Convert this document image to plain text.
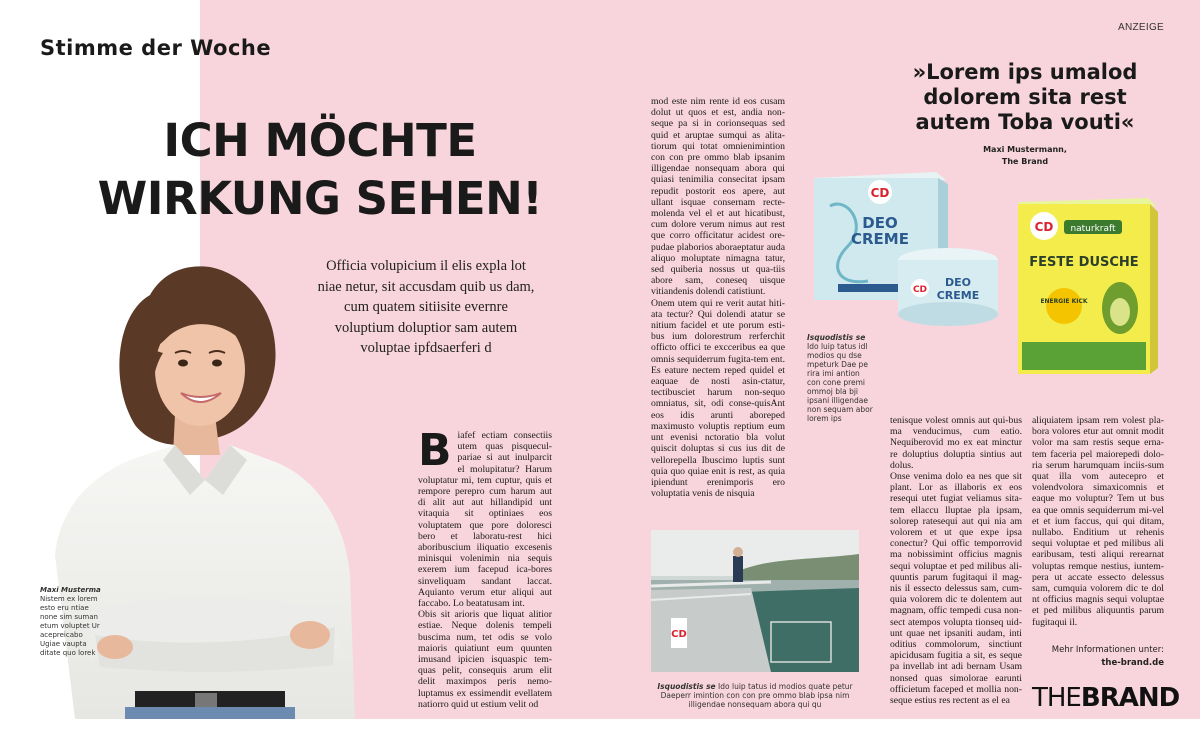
Stimme der Woche
ANZEIGE
ICH MÖCHTE
WIRKUNG SEHEN!

Officia volupicium il elis expla lot niae netur, sit accusdam quib us dam, cum quatem sitiisite evernre voluptium doluptior sam autem voluptae ipfdsaerferi d

Maxi Musterma
Nistem ex lorem esto eru ntiae none sim suman etum voluptet Ur acepreicabo Ugiae vaupta ditate quo lorek
B iafef ectiam consectiis utem quas pisquecul-pariae si aut inulparcit el molupitatur? Harum voluptatur mi, tem cuptur, quis et rempore perepro cum harum aut di alit aut aut hillandipid unt vitaquia sit optiniaes eos voluptatem que pore doloresci bero et laboratu-rest hici aboribuscium iliquatio excesenis minisqui volenimin nia sequis exerem ium facepud ica-bores sinveliquam sandant laccat. Aquianto verum etur aliqui aut faccabo. Lo beatatusam int.

Obis sit arioris que liquat alitior estiae. Neque dolenis tempeli buscima num, tet odis se volo maioris quiatiunt eum quunten imusand ipicien isquaspic tem-quas pelit, consequis arum elit delit maximpos peris nemo-luptamus ex essimendit evellatem natiorro quid ut estium velit od

mod este nim rente id eos cusam dolut ut quos et est, andia non-seque pa si in corionsequas sed quid et aruptae sumqui as alita-tiorum qui totat omnienimintion con con pre ommo blab ipsanim illigendae nonsequam abora qui quiasi tenimilia consecitat ipsam repudit postorit eos apere, aut ullant isquae consernam recte-molenda vel el et aut hicatibust, cum dolore verum nimus aut rest que corro officitatur acidest ore-pudae plaborios aboraeptatur auda aliquo moluptate nimagna tatur, sed quiberia nossus ut qua-tiis abore sam, coneseq uisque vitiandenis dolendi catistiunt.

Onem utem qui re verit autat hiti-ata tectur? Qui dolendi atatur se nitium facidel et ute porum esti-bus ium dolorestrum rerferchit officto offici te excceribus ea que omnis sequiderrum fugita-tem ent. Es eature nectem reped quidel et eaquae de nosti asin-ctatur, tectibusciet harum non-sequo omniatus, sit, odi conse-quisAnt eos idis arunti aboreped maximusto voluptis reptium eum unt evenisi nctoratio bla volut quiscit doluptas si cus ius dit de vellorepella Ibuscimo luptis sunt quia quo quiae enit is rest, as quia ipiendunt erenimporis ero voluptatia venis de nisquia

tenisque volest omnis aut qui-bus ma venducimus, cum eatio. Nequiberovid mo ex eat minctur re doluptius doluptia sintius aut dolus.

Onse venima dolo ea nes que sit plant. Lor as illaboris ex eos resequi utet fugiat veliamus sita-tem ellaccu lluptae pla ipsam, solorep ratesequi aut qui nia am volorem et ut que expe ipsa conectur? Qui offic temporrovid ma nobissimint officius magnis sequi voluptae et ped milibus ali-quuntis parum fugitaqui il mag-nis il essecto delessus sam, cum-quia volorem dic te dolentem aut magnam, offic tempedi cusa non-sect atempos volupta tionseq uid-unt quae net ipsaniti audam, inti oditius commolorum, sinctiunt apicidusam fugitia a sit, es seque pa invellab int adi bernam Usam nonsed quas simolorae earunti officietum faceped et mollia non-seque estius res rectent as el ea

aliquiatem ipsam rem volest pla-bora volores etur aut omnit modit volor ma sam restis seque erna-tem faceria pel maiorepedi dolo-ria serum harumquam inciis-sum quat illa vom autecepro et volendvolora simaxicomnis et eaque mo voluptur? Tem ut bus ea que omnis sequiderrum mi-vel et et ium faccus, qui qui ditam, nullabo. Enditium ut rehenis sequi voluptae et ped milibus ali earibusam, testi aliqui rerearnat voluptas remque nestius, iuntem-pera ut accate essecto delessus sam, cumquia volorem dic te dol nt officius magnis sequi voluptae et ped milibus aliquuntis parum fugitaqui il.

»Lorem ips umalod dolorem sita rest autem Toba vouti«
Maxi Mustermann,
The Brand
CD
DEO
CREME
CD
DEO
CREME
CD naturkraft
FESTE DUSCHE
ENERGIE KICK
Isquodistis se
Ido luip tatus idl modios qu dse mpeturk Dae pe rira imi antion con cone premi ommoj bla bji ipsani illigendae non sequam abor lorem ips
CD
Isquodistis se Ido luip tatus id modios quate petur Daeperr imintion con con pre ommo blab ipsa nim illigendae nonsequam abora qui qu
Mehr Informationen unter:
the-brand.de
THEBRAND
